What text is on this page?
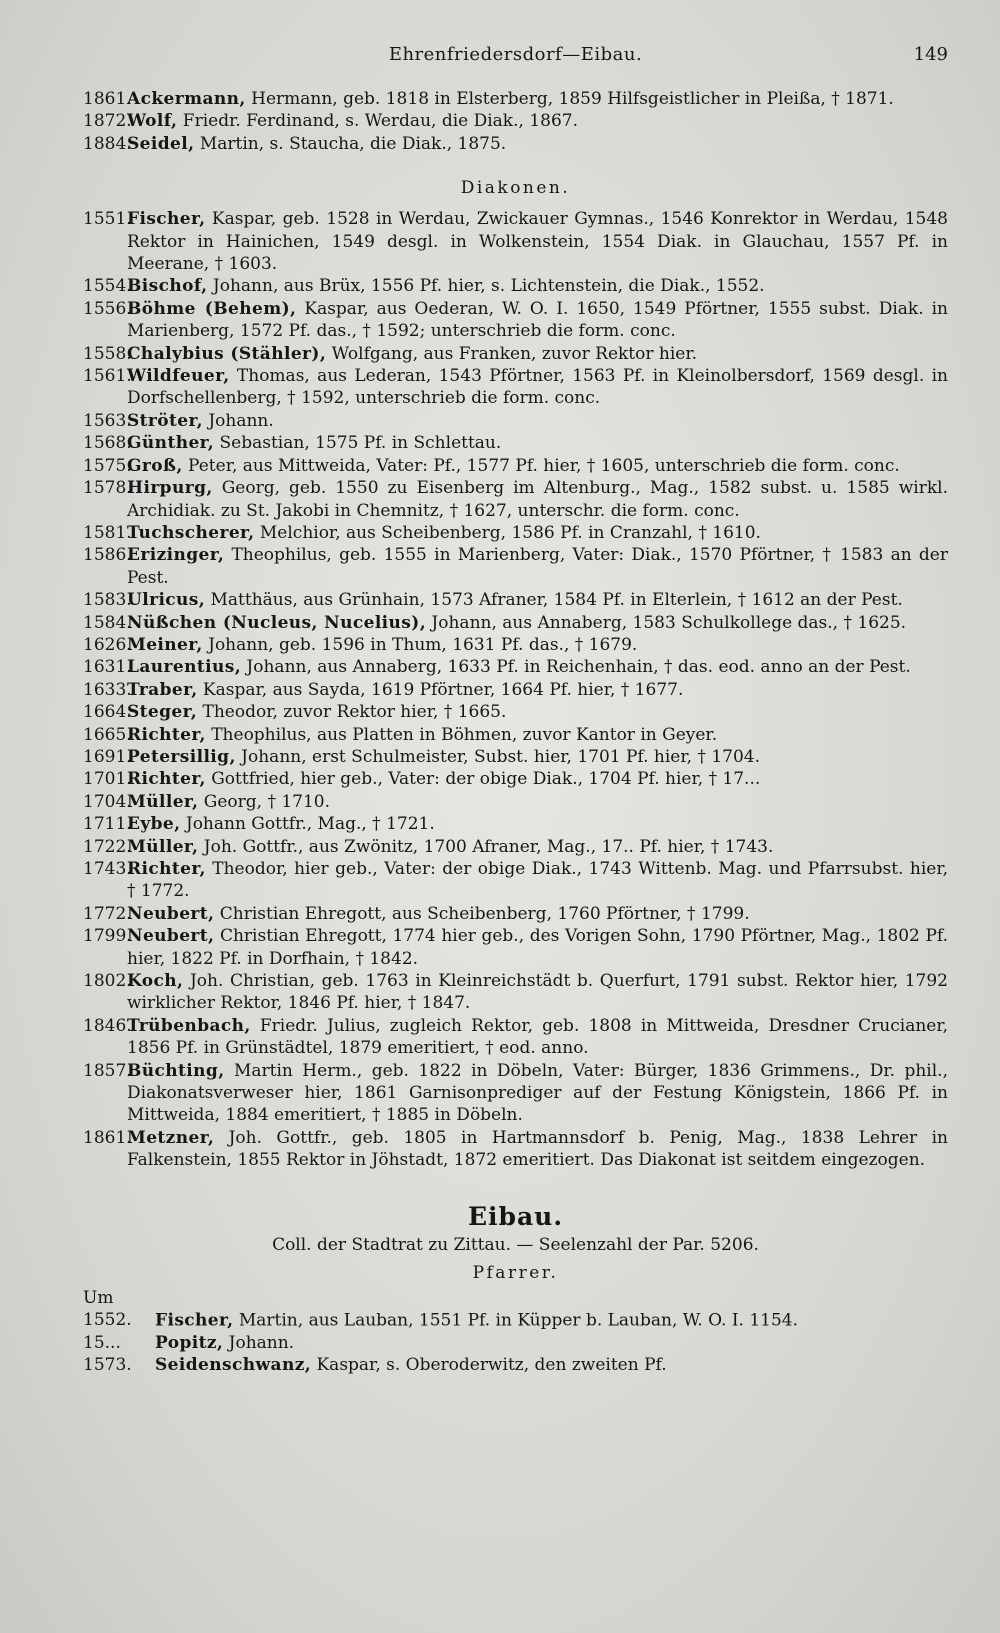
Ehrenfriedersdorf—Eibau.	149
1861.Ackermann, Hermann, geb. 1818 in Elsterberg, 1859 Hilfsgeistlicher in Pleißa, † 1871.
1872.Wolf, Friedr. Ferdinand, s. Werdau, die Diak., 1867.
1884.Seidel, Martin, s. Stauchа, die Diak., 1875.
Diakonen.
1551.Fischer, Kaspar, geb. 1528 in Werdau, Zwickauer Gymnas., 1546 Konrektor in Werdau, 1548 Rektor in Hainichen, 1549 desgl. in Wolkenstein, 1554 Diak. in Glauchau, 1557 Pf. in Meerane, † 1603.
1554.Bischof, Johann, aus Brüx, 1556 Pf. hier, s. Lichtenstein, die Diak., 1552.
1556.Böhme (Behem), Kaspar, aus Oederan, W. O. I. 1650, 1549 Pförtner, 1555 subst. Diak. in Marienberg, 1572 Pf. das., † 1592; unterschrieb die form. conc.
1558.Chalybius (Stähler), Wolfgang, aus Franken, zuvor Rektor hier.
1561.Wildfeuer, Thomas, aus Lederan, 1543 Pförtner, 1563 Pf. in Kleinolbersdorf, 1569 desgl. in Dorfschellenberg, † 1592, unterschrieb die form. conc.
1563.Ströter, Johann.
1568.Günther, Sebastian, 1575 Pf. in Schlettau.
1575.Groß, Peter, aus Mittweida, Vater: Pf., 1577 Pf. hier, † 1605, unterschrieb die form. conc.
1578.Hirpurg, Georg, geb. 1550 zu Eisenberg im Altenburg., Mag., 1582 subst. u. 1585 wirkl. Archidiak. zu St. Jakobi in Chemnitz, † 1627, unterschr. die form. conc.
1581.Tuchscherer, Melchior, aus Scheibenberg, 1586 Pf. in Cranzahl, † 1610.
1586.Erizinger, Theophilus, geb. 1555 in Marienberg, Vater: Diak., 1570 Pförtner, † 1583 an der Pest.
1583.Ulricus, Matthäus, aus Grünhain, 1573 Afraner, 1584 Pf. in Elterlein, † 1612 an der Pest.
1584.Nüßchen (Nucleus, Nucelius), Johann, aus Annaberg, 1583 Schulkollege das., † 1625.
1626.Meiner, Johann, geb. 1596 in Thum, 1631 Pf. das., † 1679.
1631.Laurentius, Johann, aus Annaberg, 1633 Pf. in Reichenhain, † das. eod. anno an der Pest.
1633.Traber, Kaspar, aus Sayda, 1619 Pförtner, 1664 Pf. hier, † 1677.
1664.Steger, Theodor, zuvor Rektor hier, † 1665.
1665.Richter, Theophilus, aus Platten in Böhmen, zuvor Kantor in Geyer.
1691.Petersillig, Johann, erst Schulmeister, Subst. hier, 1701 Pf. hier, † 1704.
1701.Richter, Gottfried, hier geb., Vater: der obige Diak., 1704 Pf. hier, † 17...
1704.Müller, Georg, † 1710.
1711.Eybe, Johann Gottfr., Mag., † 1721.
1722.Müller, Joh. Gottfr., aus Zwönitz, 1700 Afraner, Mag., 17.. Pf. hier, † 1743.
1743.Richter, Theodor, hier geb., Vater: der obige Diak., 1743 Wittenb. Mag. und Pfarrsubst. hier, † 1772.
1772.Neubert, Christian Ehregott, aus Scheibenberg, 1760 Pförtner, † 1799.
1799.Neubert, Christian Ehregott, 1774 hier geb., des Vorigen Sohn, 1790 Pförtner, Mag., 1802 Pf. hier, 1822 Pf. in Dorfhain, † 1842.
1802.Koch, Joh. Christian, geb. 1763 in Kleinreichstädt b. Querfurt, 1791 subst. Rektor hier, 1792 wirklicher Rektor, 1846 Pf. hier, † 1847.
1846.Trübenbach, Friedr. Julius, zugleich Rektor, geb. 1808 in Mittweida, Dresdner Crucianer, 1856 Pf. in Grünstädtel, 1879 emeritiert, † eod. anno.
1857.Büchting, Martin Herm., geb. 1822 in Döbeln, Vater: Bürger, 1836 Grimmens., Dr. phil., Diakonatsverweser hier, 1861 Garnisonprediger auf der Festung Königstein, 1866 Pf. in Mittweida, 1884 emeritiert, † 1885 in Döbeln.
1861.Metzner, Joh. Gottfr., geb. 1805 in Hartmannsdorf b. Penig, Mag., 1838 Lehrer in Falkenstein, 1855 Rektor in Jöhstadt, 1872 emeritiert. Das Diakonat ist seitdem eingezogen.
Eibau.
Coll. der Stadtrat zu Zittau. — Seelenzahl der Par. 5206.
Pfarrer.
Um 1552. Fischer, Martin, aus Lauban, 1551 Pf. in Küpper b. Lauban, W. O. I. 1154.
15... Popitz, Johann.
1573. Seidenschwanz, Kaspar, s. Oberoderwitz, den zweiten Pf.
